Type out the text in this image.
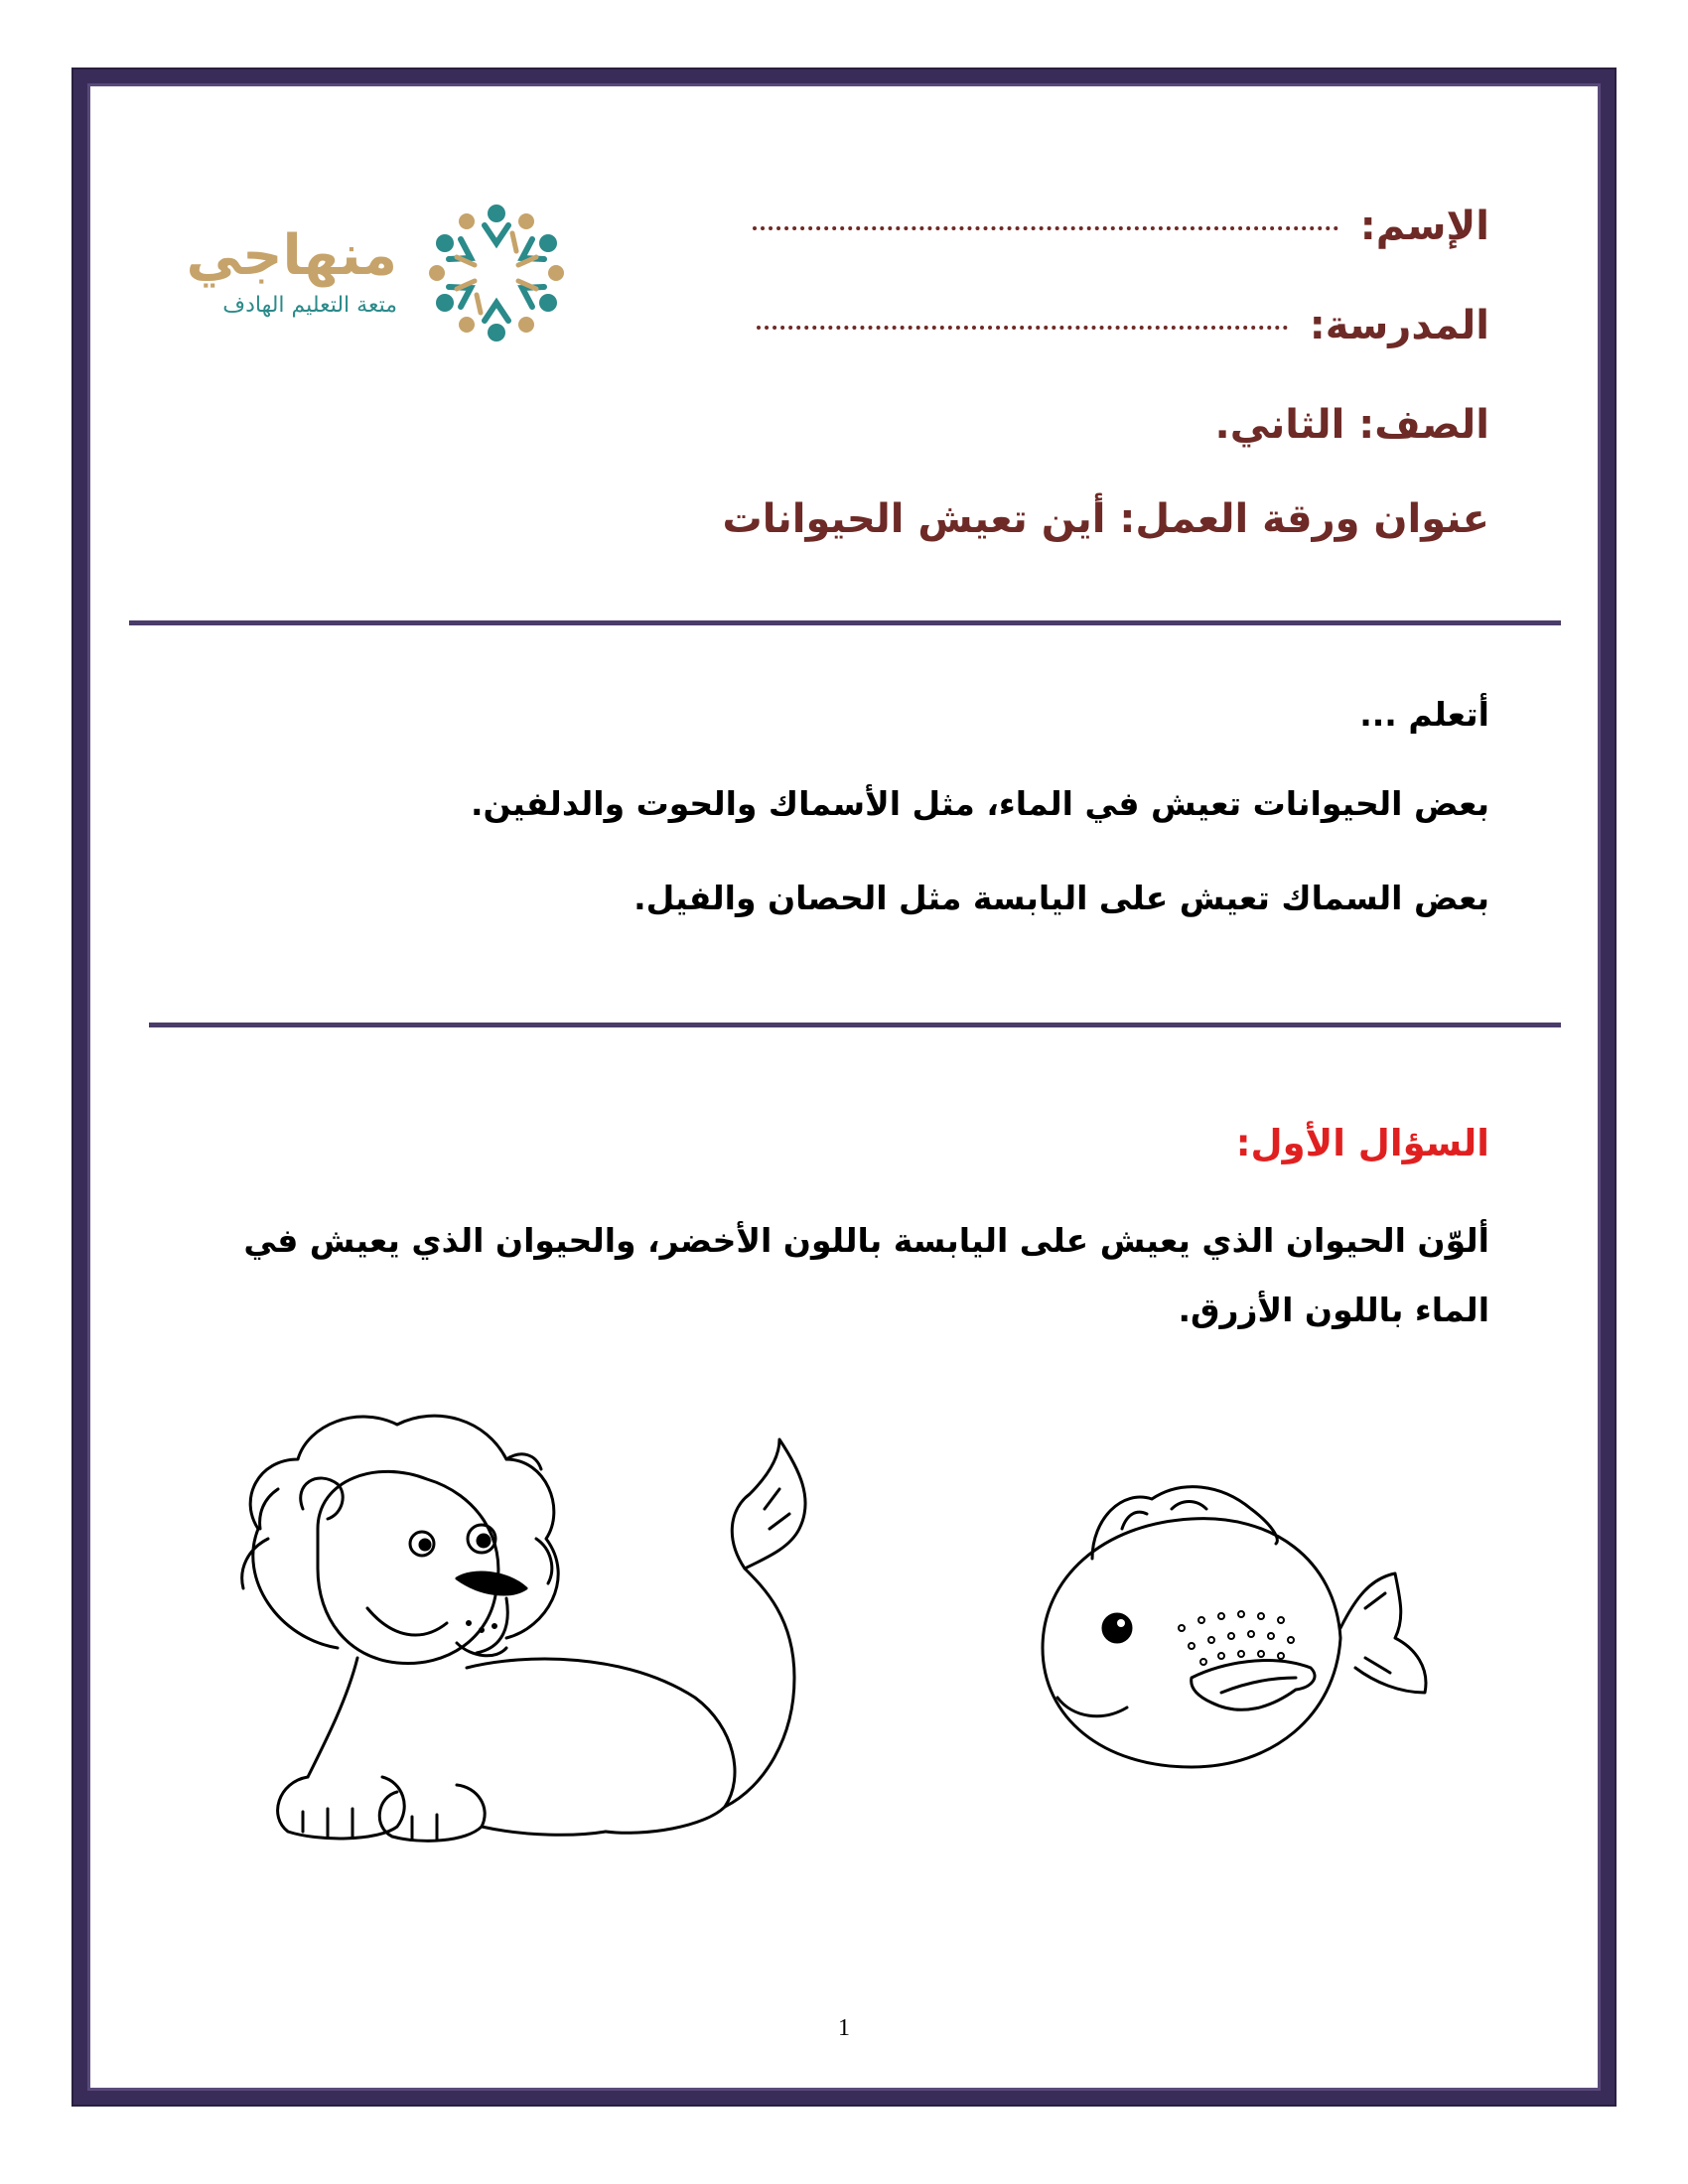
منهاجي
متعة التعليم الهادف
الإسم:
المدرسة:
الصف: الثاني.
عنوان ورقة العمل: أين تعيش الحيوانات
أتعلم ...
بعض الحيوانات تعيش في الماء، مثل الأسماك والحوت والدلفين.
بعض السماك تعيش على اليابسة مثل الحصان والفيل.
السؤال الأول:
ألوّن الحيوان الذي يعيش على اليابسة باللون الأخضر، والحيوان الذي يعيش في
الماء باللون الأزرق.
1
